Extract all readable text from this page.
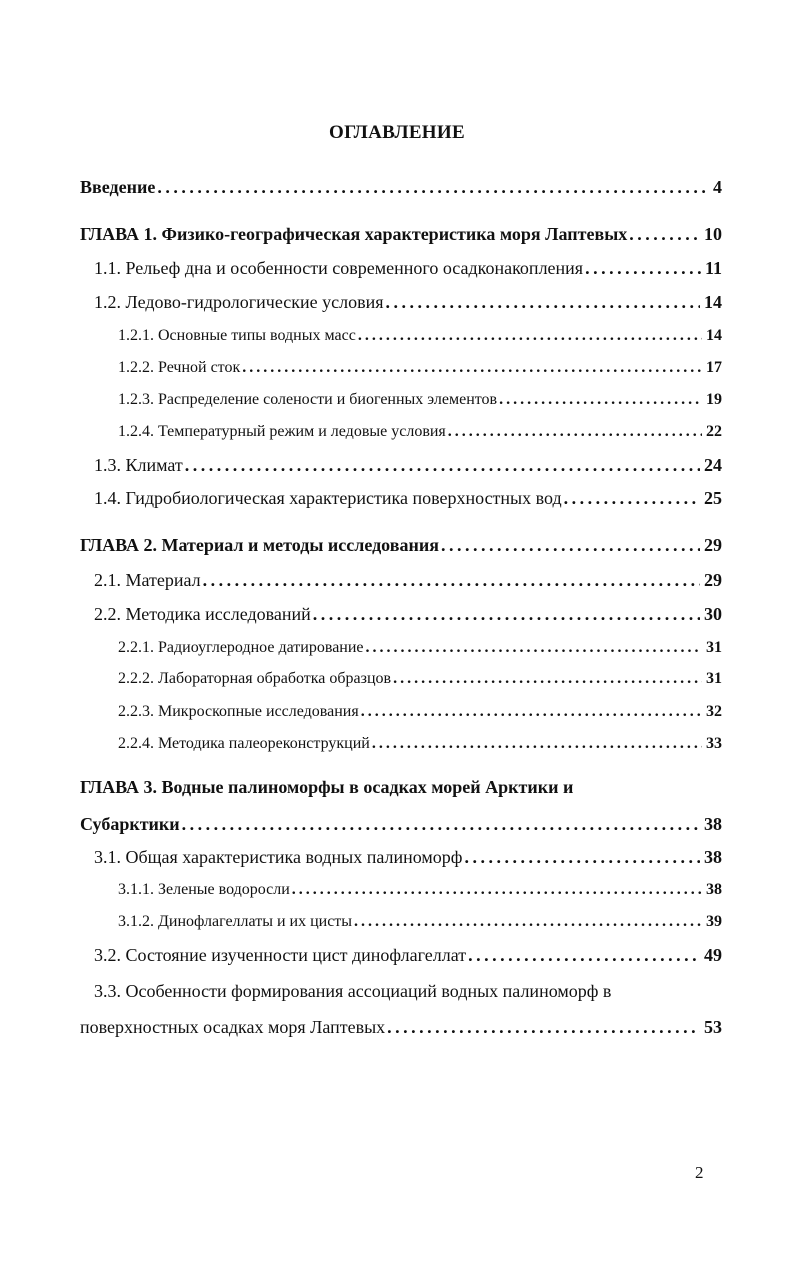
ОГЛАВЛЕНИЕ
Введение . . .	4
ГЛАВА 1. Физико-географическая характеристика моря Лаптевых . . .	10
1.1. Рельеф дна и особенности современного осадконакопления . . .	11
1.2. Ледово-гидрологические условия . . .	14
1.2.1. Основные типы водных масс . . .	14
1.2.2. Речной сток . . .	17
1.2.3. Распределение солености и биогенных элементов . . .	19
1.2.4. Температурный режим и ледовые условия . . .	22
1.3. Климат . . .	24
1.4. Гидробиологическая характеристика поверхностных вод . . .	25
ГЛАВА 2. Материал и методы исследования . . .	29
2.1. Материал . . .	29
2.2. Методика исследований . . .	30
2.2.1. Радиоуглеродное датирование . . .	31
2.2.2. Лабораторная обработка образцов . . .	31
2.2.3. Микроскопные исследования . . .	32
2.2.4. Методика палеореконструкций . . .	33
ГЛАВА 3. Водные палиноморфы в осадках морей Арктики и
Субарктики . . .	38
3.1. Общая характеристика водных палиноморф . . .	38
3.1.1. Зеленые водоросли . . .	38
3.1.2. Динофлагеллаты и их цисты . . .	39
3.2. Состояние изученности цист динофлагеллат . . .	49
3.3. Особенности формирования ассоциаций водных палиноморф в
поверхностных осадках моря Лаптевых . . .	53
2
